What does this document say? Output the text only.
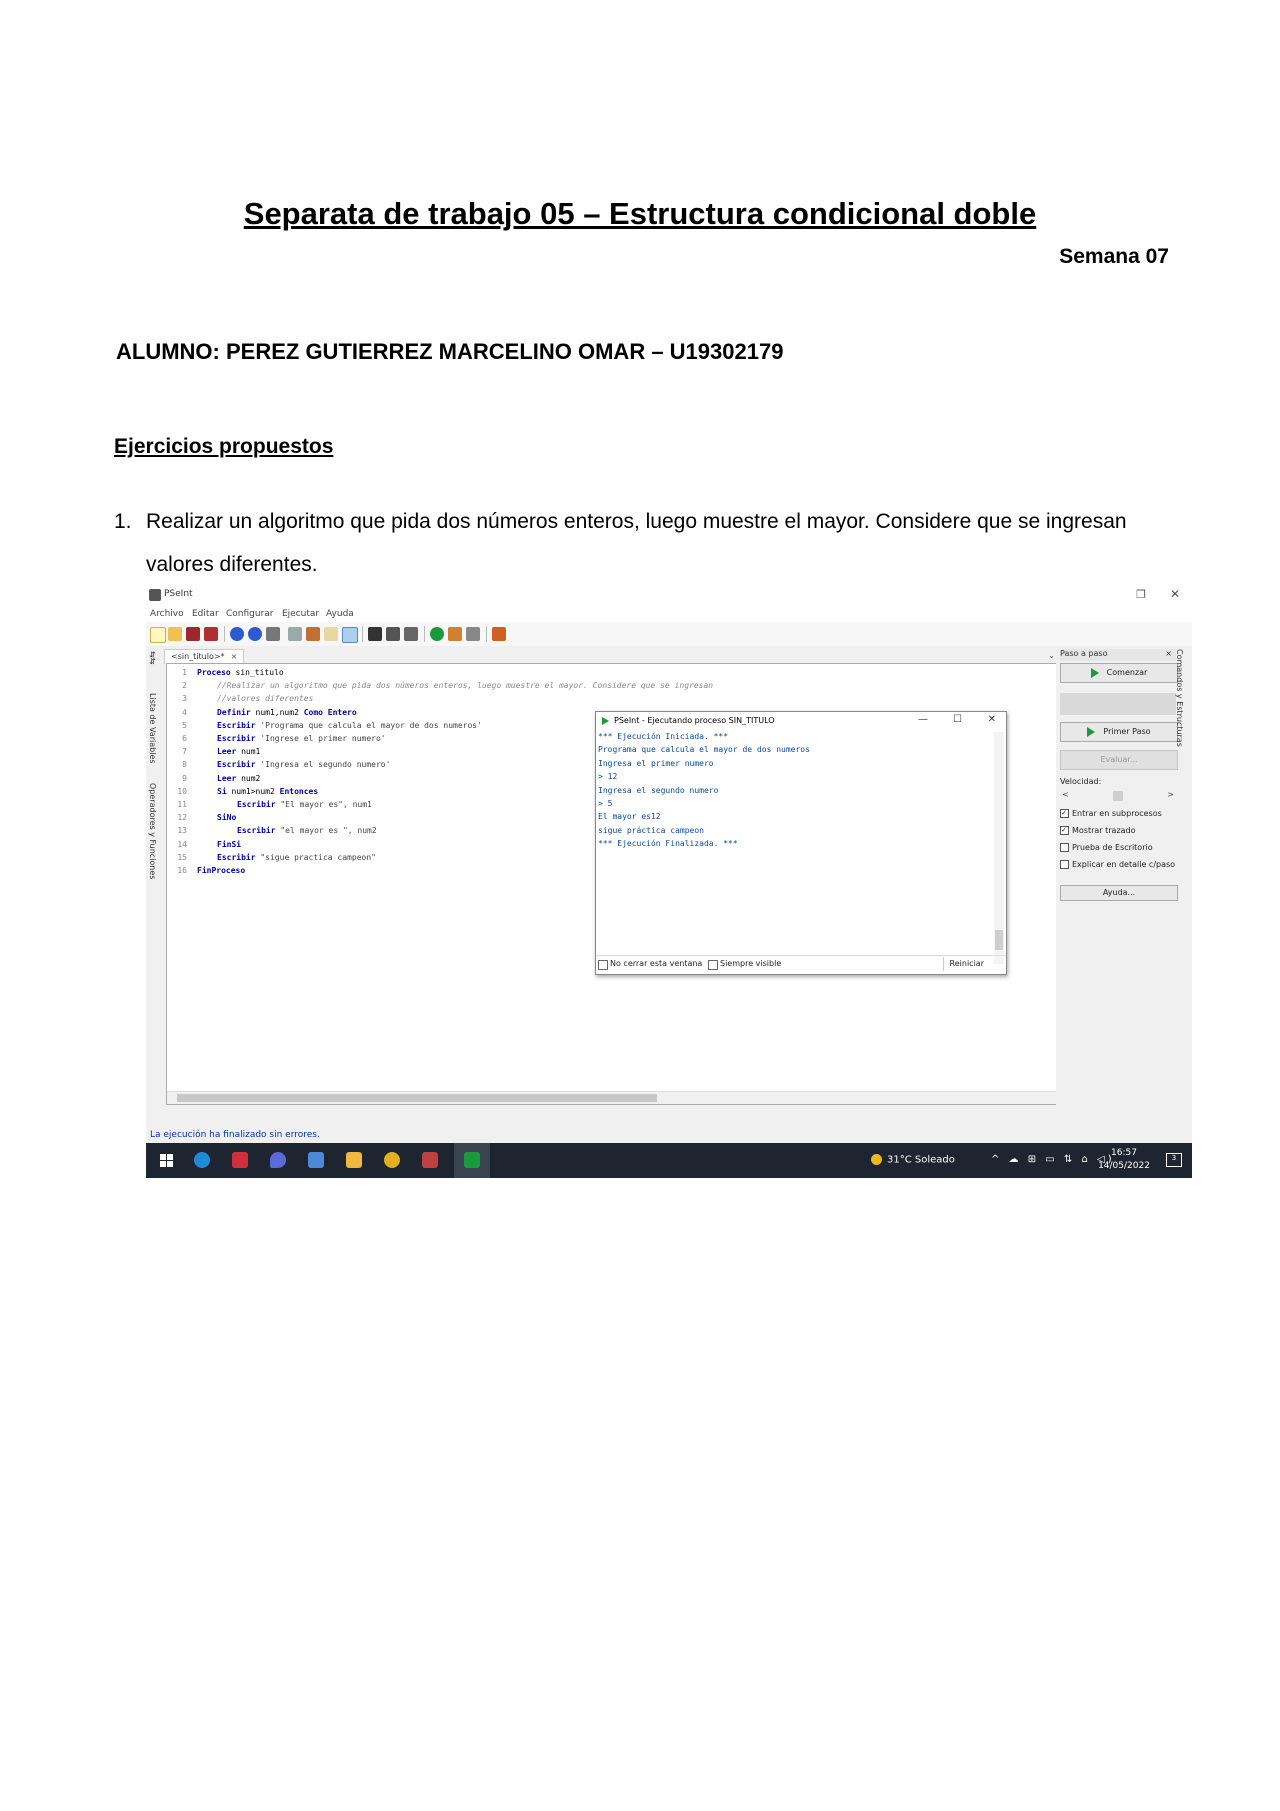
Separata de trabajo 05 – Estructura condicional doble
Semana 07
ALUMNO: PEREZ GUTIERREZ MARCELINO OMAR – U19302179
Ejercicios propuestos
1. Realizar un algoritmo que pida dos números enteros, luego muestre el mayor. Considere que se ingresan valores diferentes.
PSeInt	❐ ✕
Archivo Editar Configurar Ejecutar Ayuda
⇆⇆
Lista de Variables
Operadores y Funciones
<sin_titulo>* ×	⌄
1 Proceso sin_titulo
2	//Realizar un algoritmo que pida dos números enteros, luego muestre el mayor. Considere que se ingresan
3	//valores diferentes
4	Definir num1,num2 Como Entero
5	Escribir 'Programa que calcula el mayor de dos numeros'
6	Escribir 'Ingrese el primer numero'
7	Leer num1
8	Escribir 'Ingresa el segundo numero'
9	Leer num2
10	Si num1>num2 Entonces
11	Escribir "El mayor es", num1
12	SiNo
13	Escribir "el mayor es ", num2
14	FinSi
15	Escribir "sigue practica campeon"
16 FinProceso
PSeInt - Ejecutando proceso SIN_TITULO	—	☐	✕
*** Ejecución Iniciada. ***
Programa que calcula el mayor de dos numeros
Ingresa el primer numero
> 12
Ingresa el segundo numero
> 5
El mayor es12
sigue práctica campeon
*** Ejecución Finalizada. ***
No cerrar esta ventana Siempre visible	Reiniciar
Paso a paso	×
Comenzar
Primer Paso
Evaluar...
Velocidad:
<	>
✓ Entrar en subprocesos
✓ Mostrar trazado
Prueba de Escritorio
Explicar en detalle c/paso
Ayuda...
Comandos y Estructuras
La ejecución ha finalizado sin errores.
31°C Soleado	^ ☁ ⊞ ▭ ⇅ ⌂ ◁)
16:57
14/05/2022
3
